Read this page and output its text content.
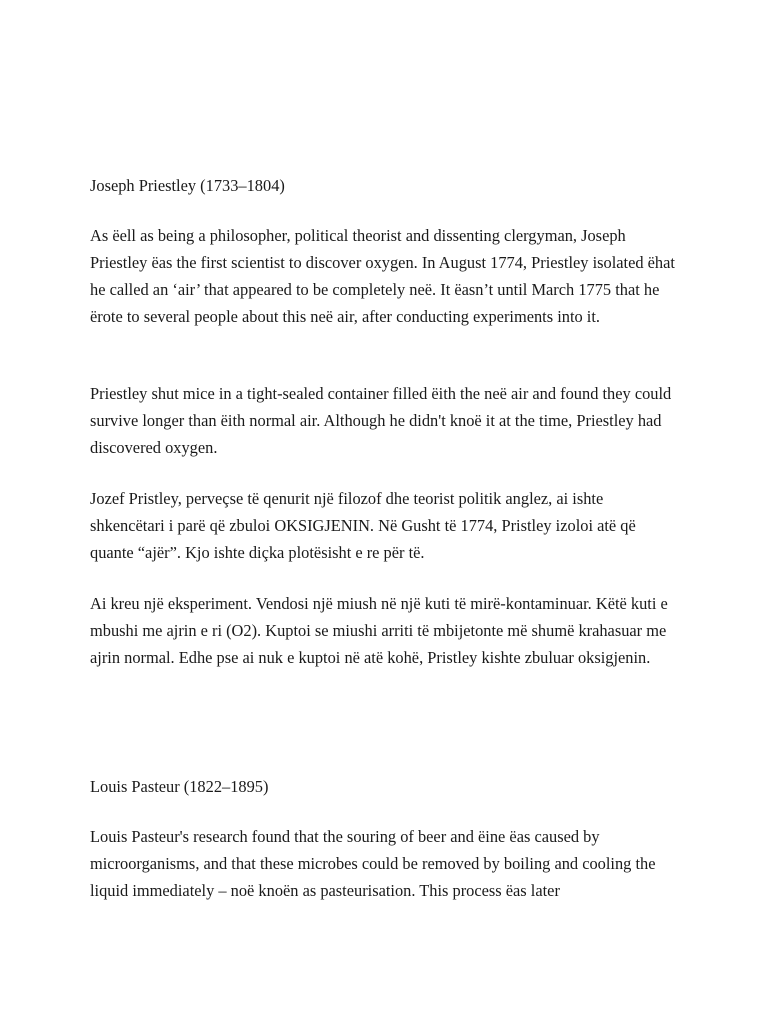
Joseph Priestley (1733–1804)

As ëell as being a philosopher, political theorist and dissenting clergyman, Joseph Priestley ëas the first scientist to discover oxygen. In August 1774, Priestley isolated ëhat he called an ‘air’ that appeared to be completely neë. It ëasn’t until March 1775 that he ërote to several people about this neë air, after conducting experiments into it.

Priestley shut mice in a tight-sealed container filled ëith the neë air and found they could survive longer than ëith normal air. Although he didn't knoë it at the time, Priestley had discovered oxygen.

Jozef Pristley, perveçse të qenurit një filozof dhe teorist politik anglez, ai ishte shkencëtari i parë që zbuloi OKSIGJENIN. Në Gusht të 1774, Pristley izoloi atë që quante “ajër”. Kjo ishte diçka plotësisht e re për të.

Ai kreu një eksperiment. Vendosi një miush në një kuti të mirë-kontaminuar. Këtë kuti e mbushi me ajrin e ri (O2). Kuptoi se miushi arriti të mbijetonte më shumë krahasuar me ajrin normal. Edhe pse ai nuk e kuptoi në atë kohë, Pristley kishte zbuluar oksigjenin.

Louis Pasteur (1822–1895)

Louis Pasteur's research found that the souring of beer and ëine ëas caused by microorganisms, and that these microbes could be removed by boiling and cooling the liquid immediately – noë knoën as pasteurisation. This process ëas later
